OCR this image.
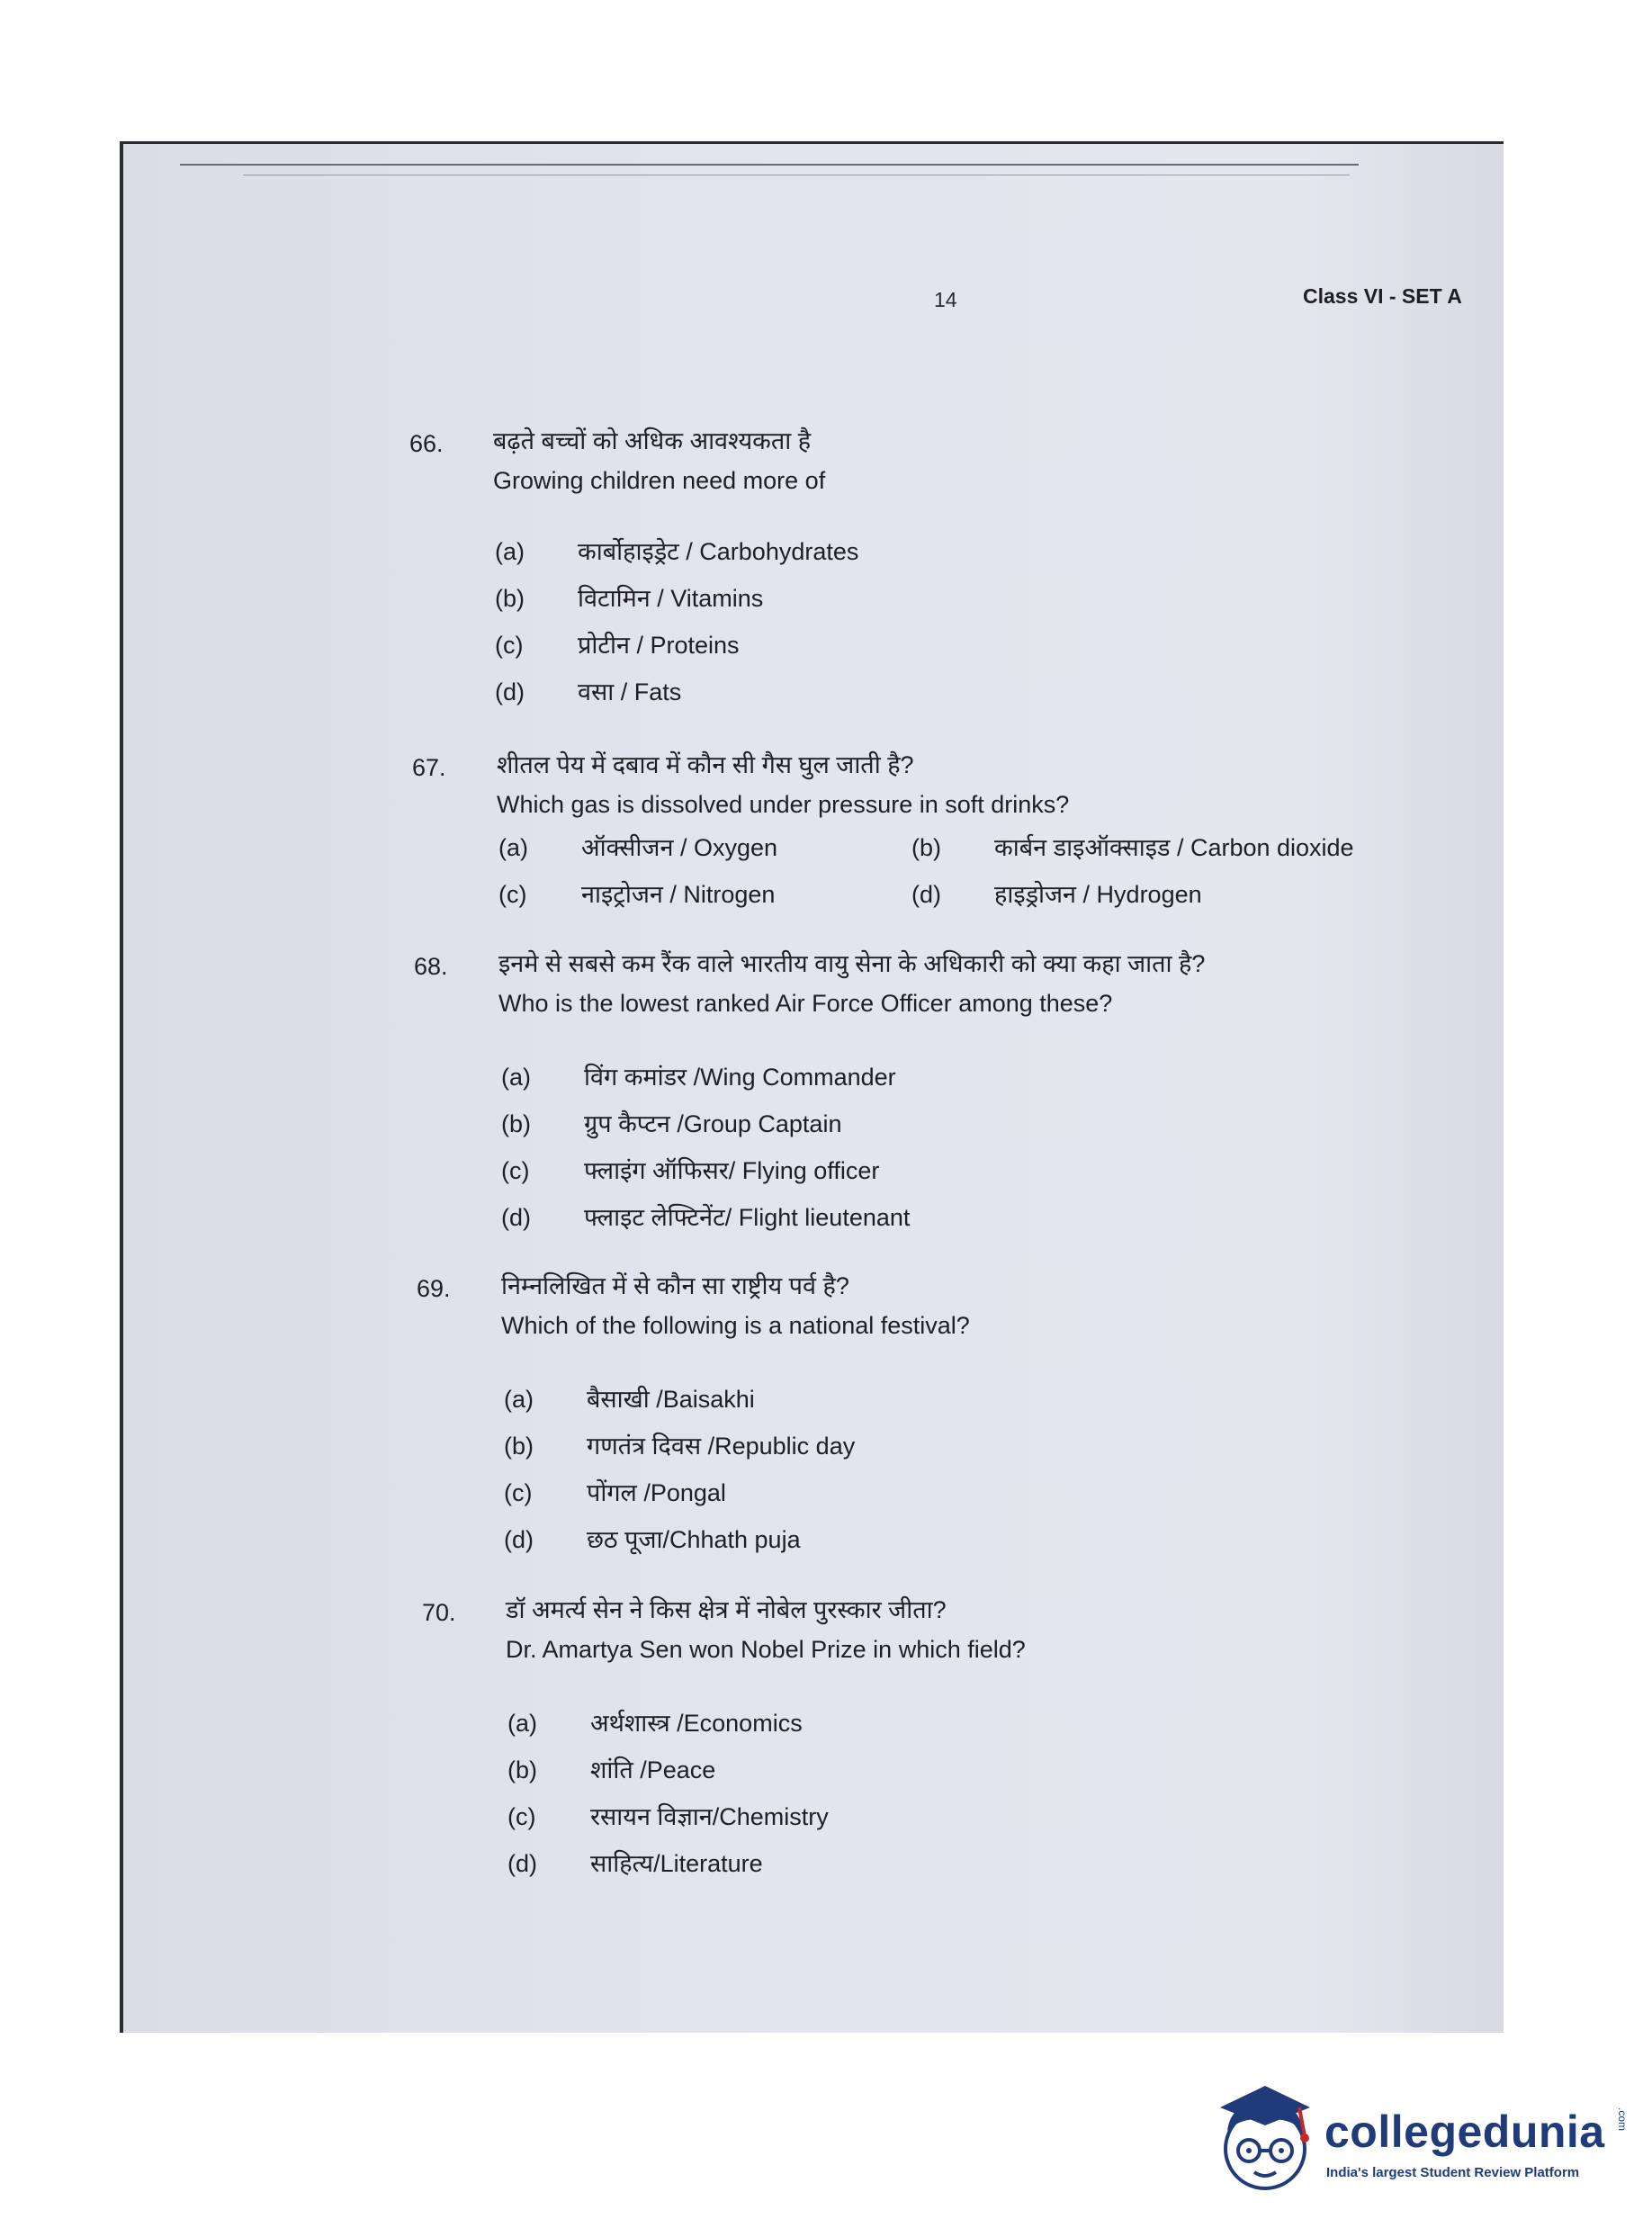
14	Class VI - SET A
66. बढ़ते बच्चों को अधिक आवश्यकता है
Growing children need more of
(a) कार्बोहाइड्रेट / Carbohydrates
(b) विटामिन / Vitamins
(c) प्रोटीन / Proteins
(d) वसा / Fats
67. शीतल पेय में दबाव में कौन सी गैस घुल जाती है?
Which gas is dissolved under pressure in soft drinks?
(a) ऑक्सीजन / Oxygen	(b) कार्बन डाइऑक्साइड / Carbon dioxide
(c) नाइट्रोजन / Nitrogen	(d) हाइड्रोजन / Hydrogen
68. इनमे से सबसे कम रैंक वाले भारतीय वायु सेना के अधिकारी को क्या कहा जाता है?
Who is the lowest ranked Air Force Officer among these?
(a) विंग कमांडर /Wing Commander
(b) ग्रुप कैप्टन /Group Captain
(c) फ्लाइंग ऑफिसर/ Flying officer
(d) फ्लाइट लेफ्टिनेंट/ Flight lieutenant
69. निम्नलिखित में से कौन सा राष्ट्रीय पर्व है?
Which of the following is a national festival?
(a) बैसाखी /Baisakhi
(b) गणतंत्र दिवस /Republic day
(c) पोंगल /Pongal
(d) छठ पूजा/Chhath puja
70. डॉ अमर्त्य सेन ने किस क्षेत्र में नोबेल पुरस्कार जीता?
Dr. Amartya Sen won Nobel Prize in which field?
(a) अर्थशास्त्र /Economics
(b) शांति /Peace
(c) रसायन विज्ञान/Chemistry
(d) साहित्य/Literature
collegedunia .com
India's largest Student Review Platform
